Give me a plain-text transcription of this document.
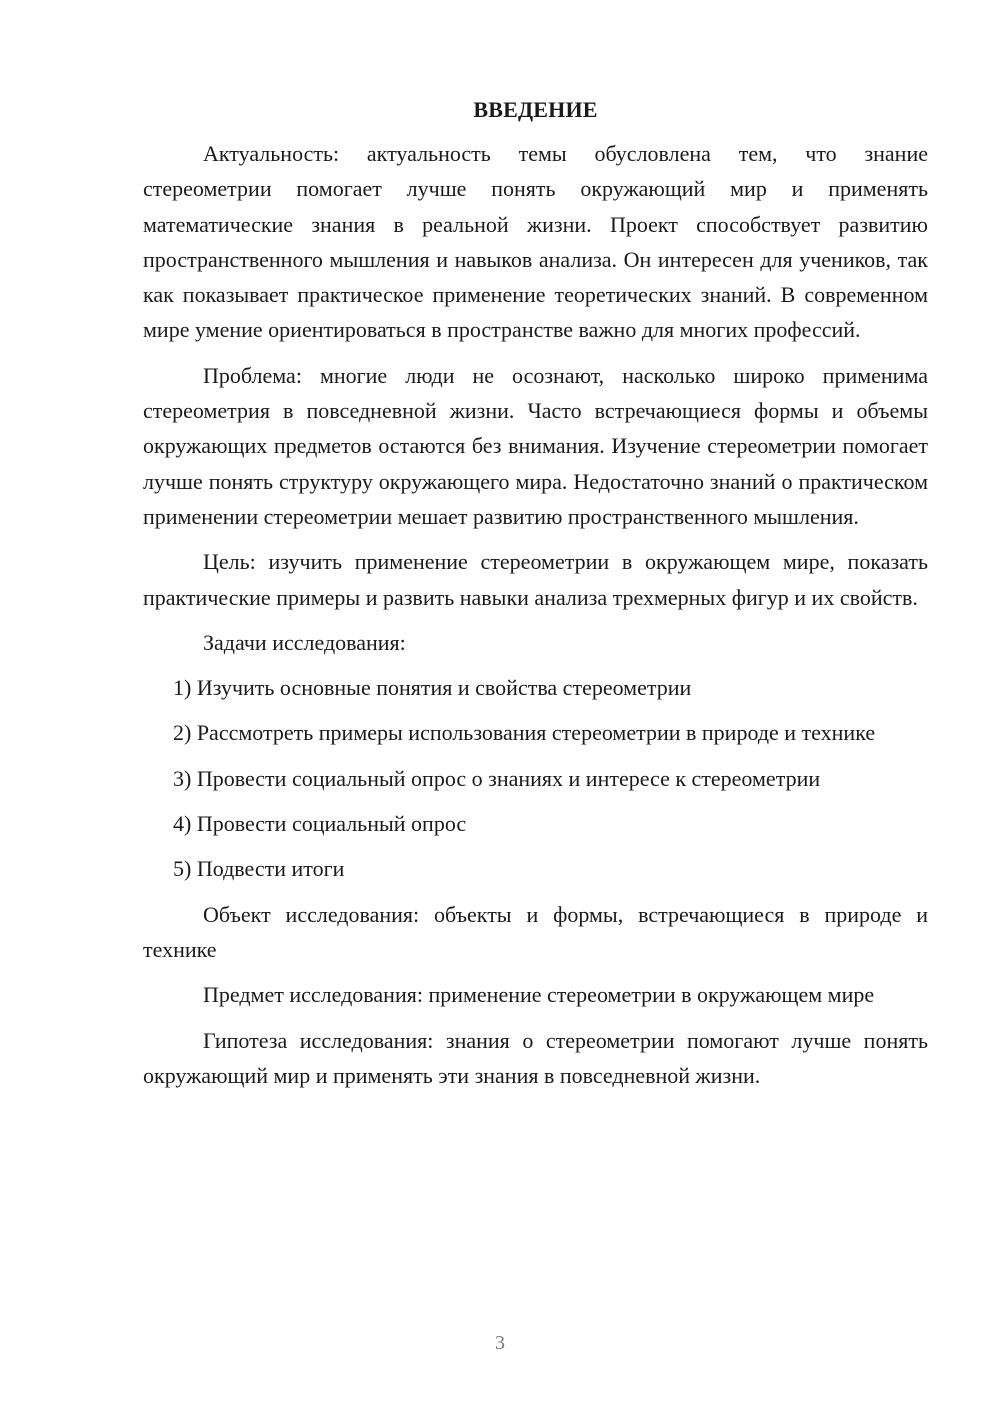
ВВЕДЕНИЕ

Актуальность: актуальность темы обусловлена тем, что знание стереометрии помогает лучше понять окружающий мир и применять математические знания в реальной жизни. Проект способствует развитию пространственного мышления и навыков анализа. Он интересен для учеников, так как показывает практическое применение теоретических знаний. В современном мире умение ориентироваться в пространстве важно для многих профессий.

Проблема: многие люди не осознают, насколько широко применима стереометрия в повседневной жизни. Часто встречающиеся формы и объемы окружающих предметов остаются без внимания. Изучение стереометрии помогает лучше понять структуру окружающего мира. Недостаточно знаний о практическом применении стереометрии мешает развитию пространственного мышления.

Цель: изучить применение стереометрии в окружающем мире, показать практические примеры и развить навыки анализа трехмерных фигур и их свойств.

Задачи исследования:

1) Изучить основные понятия и свойства стереометрии

2) Рассмотреть примеры использования стереометрии в природе и технике

3) Провести социальный опрос о знаниях и интересе к стереометрии

4) Провести социальный опрос

5) Подвести итоги

Объект исследования: объекты и формы, встречающиеся в природе и технике

Предмет исследования: применение стереометрии в окружающем мире

Гипотеза исследования: знания о стереометрии помогают лучше понять окружающий мир и применять эти знания в повседневной жизни.

3
